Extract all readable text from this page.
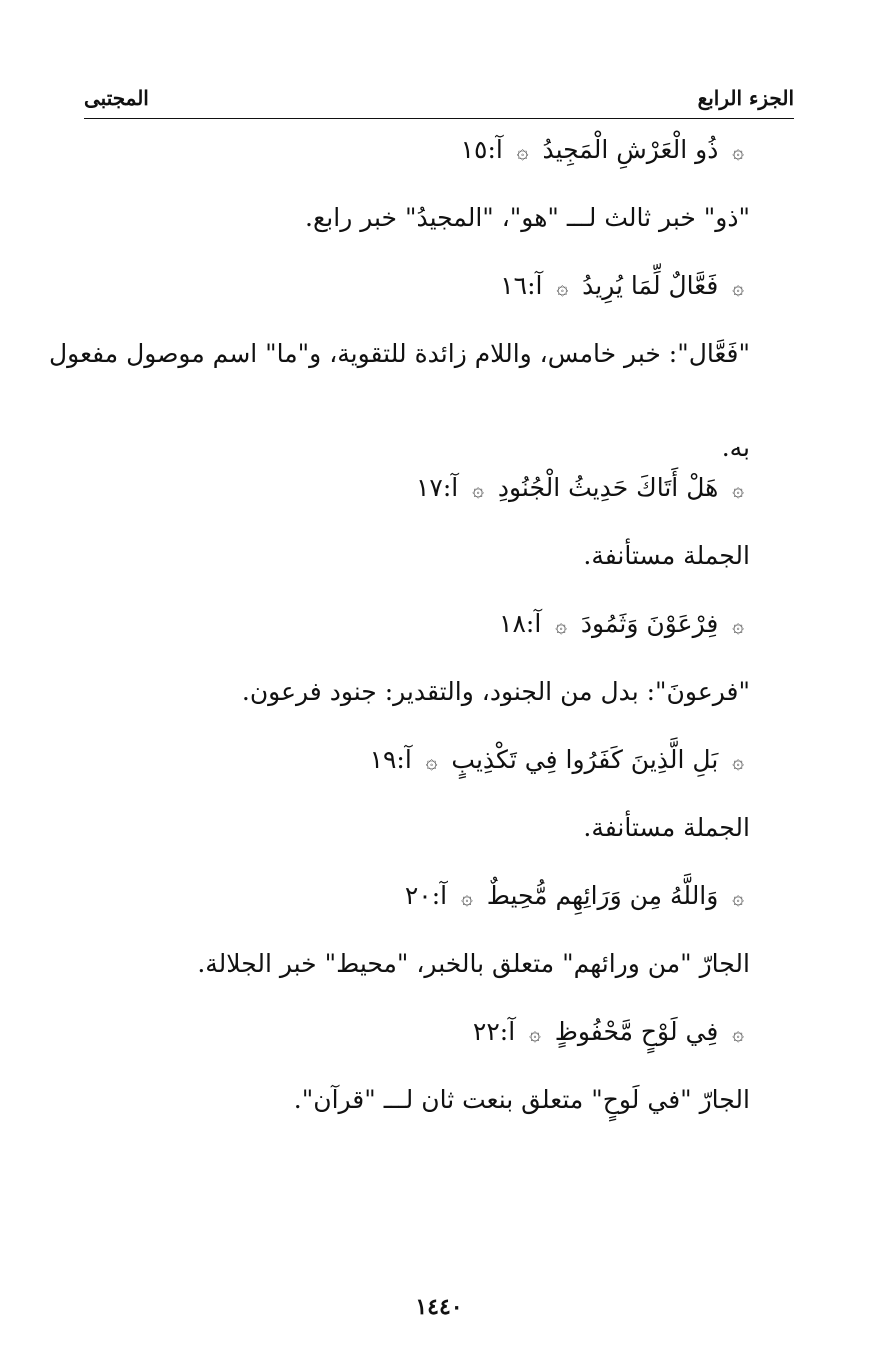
الجزء الرابع
المجتبى
آ:١٥ ۞ ذُو الْعَرْشِ الْمَجِيدُ ۞
"ذو" خبر ثالث لـــ "هو"، "المجيدُ" خبر رابع.
آ:١٦ ۞ فَعَّالٌ لِّمَا يُرِيدُ ۞
"فَعَّال": خبر خامس، واللام زائدة للتقوية، و"ما" اسم موصول مفعول
به.
آ:١٧ ۞ هَلْ أَتَاكَ حَدِيثُ الْجُنُودِ ۞
الجملة مستأنفة.
آ:١٨ ۞ فِرْعَوْنَ وَثَمُودَ ۞
"فرعونَ": بدل من الجنود، والتقدير: جنود فرعون.
آ:١٩ ۞ بَلِ الَّذِينَ كَفَرُوا فِي تَكْذِيبٍ ۞
الجملة مستأنفة.
آ:٢٠ ۞ وَاللَّهُ مِن وَرَائِهِم مُّحِيطٌ ۞
الجارّ "من ورائهم" متعلق بالخبر، "محيط" خبر الجلالة.
آ:٢٢ ۞ فِي لَوْحٍ مَّحْفُوظٍ ۞
الجارّ "في لَوحٍ" متعلق بنعت ثان لـــ "قرآن".
١٤٤٠
